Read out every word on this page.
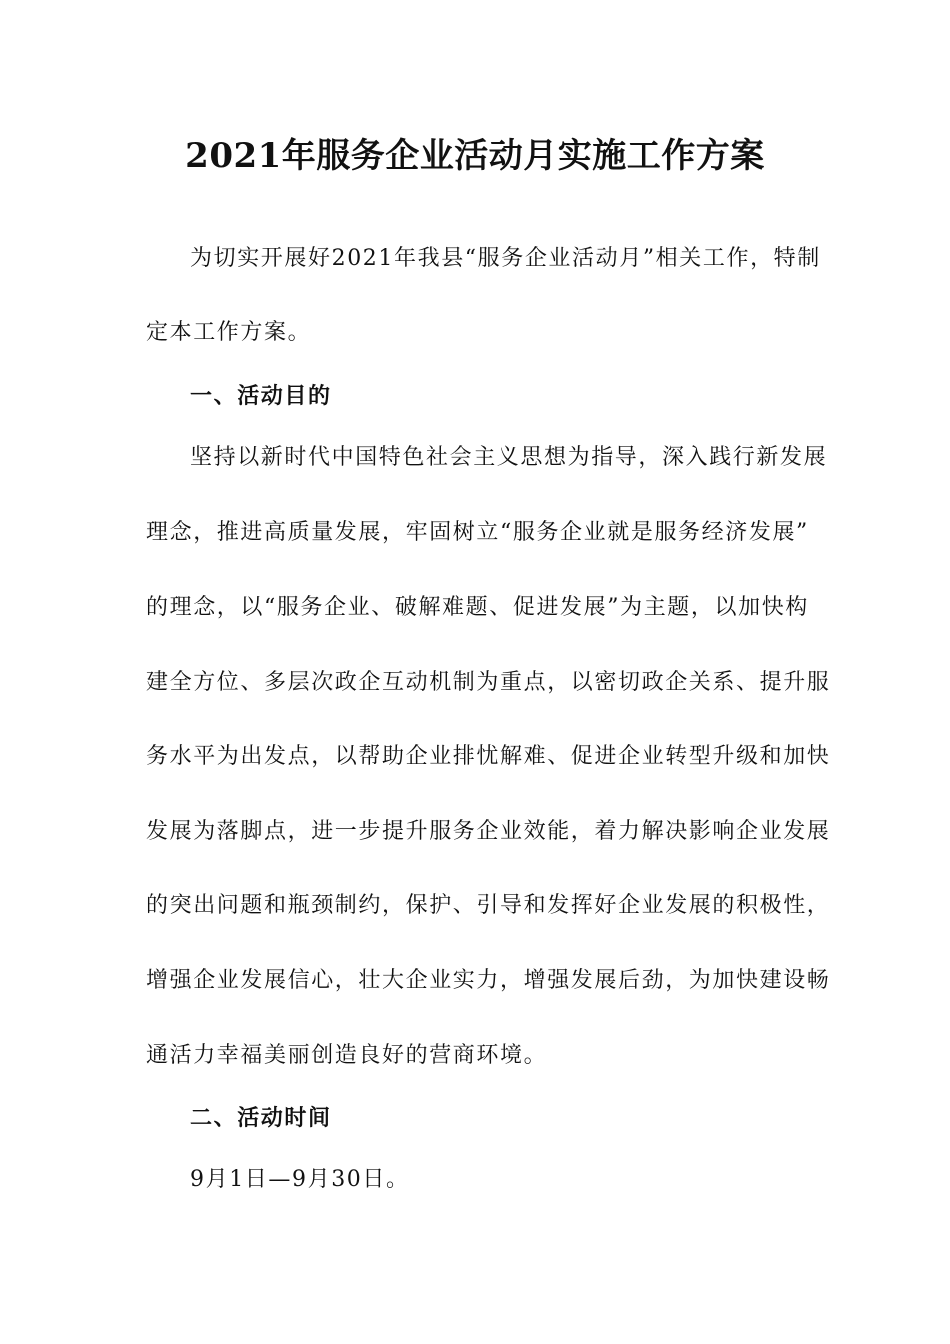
2021年服务企业活动月实施工作方案
为切实开展好2021年我县“服务企业活动月”相关工作，特制
定本工作方案。
一、活动目的
坚持以新时代中国特色社会主义思想为指导，深入践行新发展
理念，推进高质量发展，牢固树立“服务企业就是服务经济发展”
的理念，以“服务企业、破解难题、促进发展”为主题，以加快构
建全方位、多层次政企互动机制为重点，以密切政企关系、提升服
务水平为出发点，以帮助企业排忧解难、促进企业转型升级和加快
发展为落脚点，进一步提升服务企业效能，着力解决影响企业发展
的突出问题和瓶颈制约，保护、引导和发挥好企业发展的积极性，
增强企业发展信心，壮大企业实力，增强发展后劲，为加快建设畅
通活力幸福美丽创造良好的营商环境。
二、活动时间
9月1日—9月30日。
